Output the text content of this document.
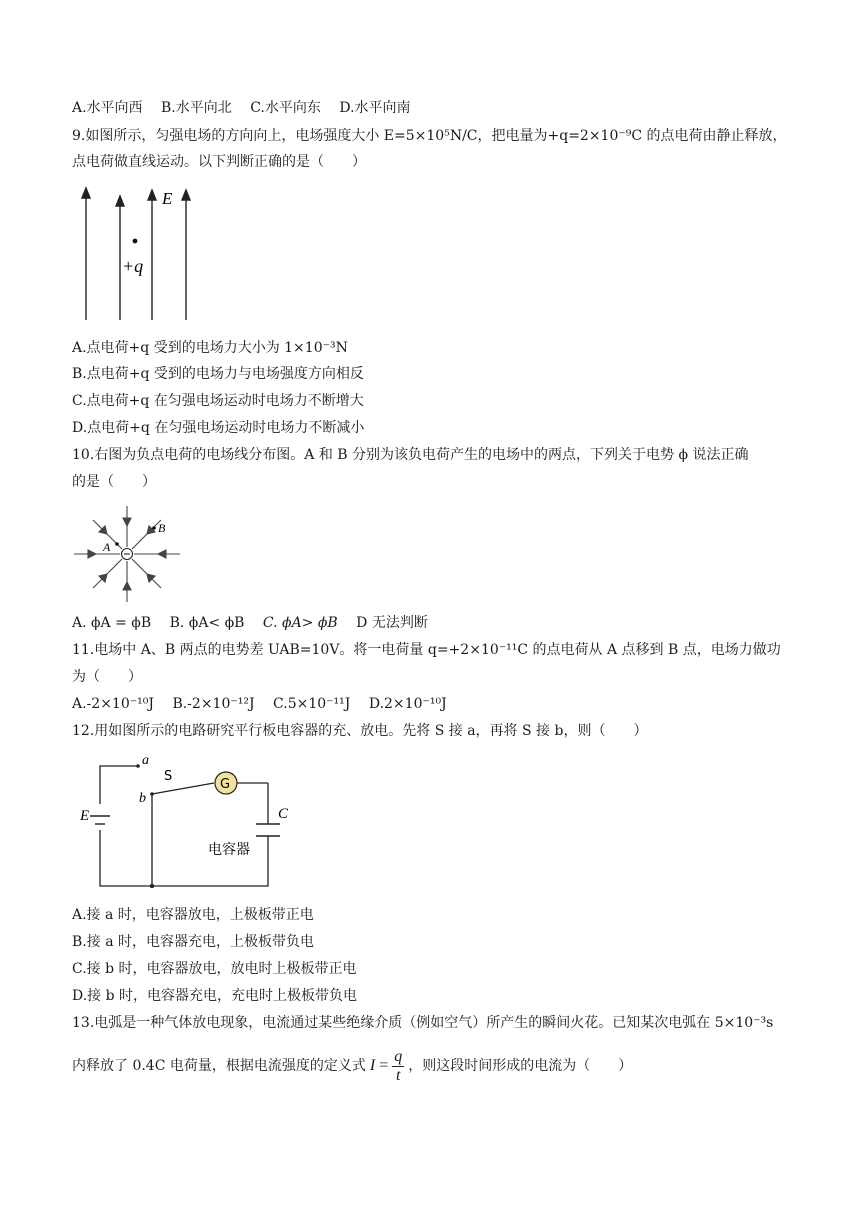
A.水平向西 B.水平向北 C.水平向东 D.水平向南
9.如图所示，匀强电场的方向向上，电场强度大小 E=5×10⁵N/C，把电量为+q=2×10⁻⁹C 的点电荷由静止释放，
点电荷做直线运动。以下判断正确的是（　　）
E
+q
A.点电荷+q 受到的电场力大小为 1×10⁻³N
B.点电荷+q 受到的电场力与电场强度方向相反
C.点电荷+q 在匀强电场运动时电场力不断增大
D.点电荷+q 在匀强电场运动时电场力不断减小
10.右图为负点电荷的电场线分布图。A 和 B 分别为该负电荷产生的电场中的两点，下列关于电势 ϕ 说法正确
的是（　　）
A
B
A. ϕA = ϕB B. ϕA< ϕB C. ϕA> ϕB D 无法判断
11.电场中 A、B 两点的电势差 UAB=10V。将一电荷量 q=+2×10⁻¹¹C 的点电荷从 A 点移到 B 点，电场力做功
为（　　）
A.-2×10⁻¹⁰J B.-2×10⁻¹²J C.5×10⁻¹¹J D.2×10⁻¹⁰J
12.用如图所示的电路研究平行板电容器的充、放电。先将 S 接 a，再将 S 接 b，则（　　）
G
a
b
S
E	C
电容器
A.接 a 时，电容器放电，上极板带正电
B.接 a 时，电容器充电，上极板带负电
C.接 b 时，电容器放电，放电时上极板带正电
D.接 b 时，电容器充电，充电时上极板带负电
13.电弧是一种气体放电现象，电流通过某些绝缘介质（例如空气）所产生的瞬间火花。已知某次电弧在 5×10⁻³s
内释放了 0.4C 电荷量，根据电流强度的定义式 $I = \frac{q}{t}$ ，则这段时间形成的电流为（　　）
